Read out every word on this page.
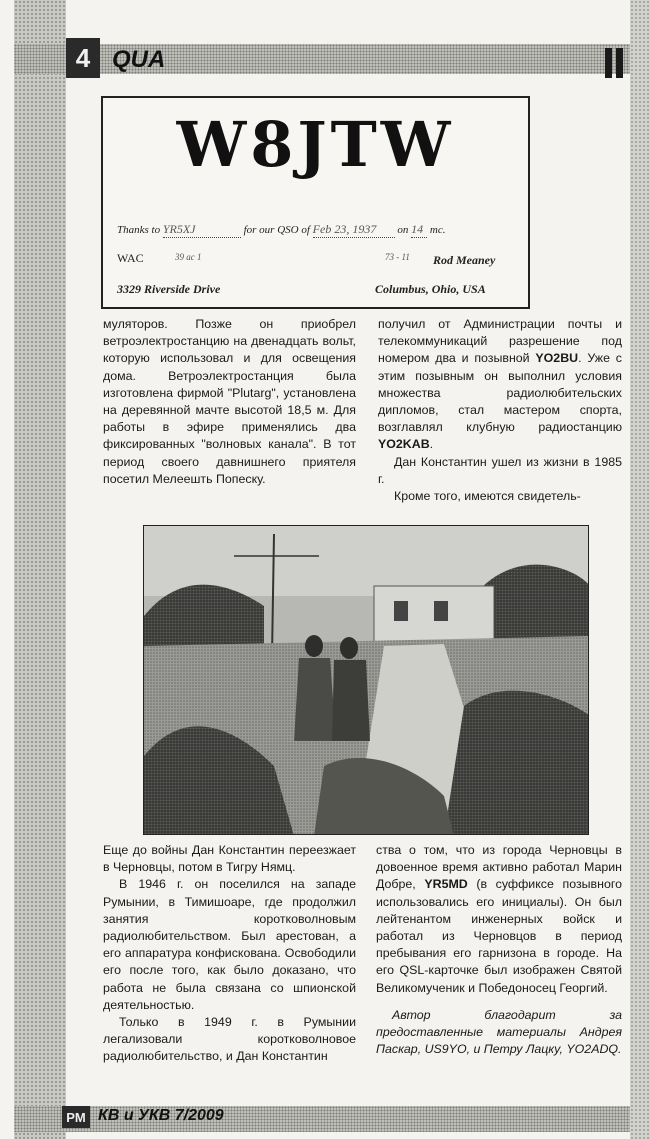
4 QUA
W8JTW
Thanks to YR5XJ	for our QSO of Feb 23, 1937 on 14 mc.
WAC	39 ac 1	73 - 11 Rod Meaney
3329 Riverside Drive	Columbus, Ohio, USA

муляторов. Позже он приобрел ветроэлектростанцию на двенадцать вольт, которую использовал и для освещения дома. Ветроэлектростанция была изготовлена фирмой "Plutarg", установлена на деревянной мачте высотой 18,5 м. Для работы в эфире применялись два фиксированных "волновых канала". В тот период своего давнишнего приятеля посетил Мелеешть Попеску.

получил от Администрации почты и телекоммуникаций разрешение под номером два и позывной YO2BU. Уже с этим позывным он выполнил условия множества радиолюбительских дипломов, стал мастером спорта, возглавлял клубную радиостанцию YO2KAB.

Дан Константин ушел из жизни в 1985 г.

Кроме того, имеются свидетель-

Еще до войны Дан Константин переезжает в Черновцы, потом в Тигру Нямц.

В 1946 г. он поселился на западе Румынии, в Тимишоаре, где продолжил занятия коротковолновым радиолюбительством. Был арестован, а его аппаратура конфискована. Освободили его после того, как было доказано, что работа не была связана со шпионской деятельностью.

Только в 1949 г. в Румынии легализовали коротковолновое радиолюбительство, и Дан Константин

ства о том, что из города Черновцы в довоенное время активно работал Марин Добре, YR5MD (в суффиксе позывного использовались его инициалы). Он был лейтенантом инженерных войск и работал из Черновцов в период пребывания его гарнизона в городе. На его QSL-карточке был изображен Святой Великомученик и Победоносец Георгий.

Автор благодарит за предоставленные материалы Андрея Паскар, US9YO, и Петру Лацку, YO2ADQ.

PM КВ и УКВ 7/2009
